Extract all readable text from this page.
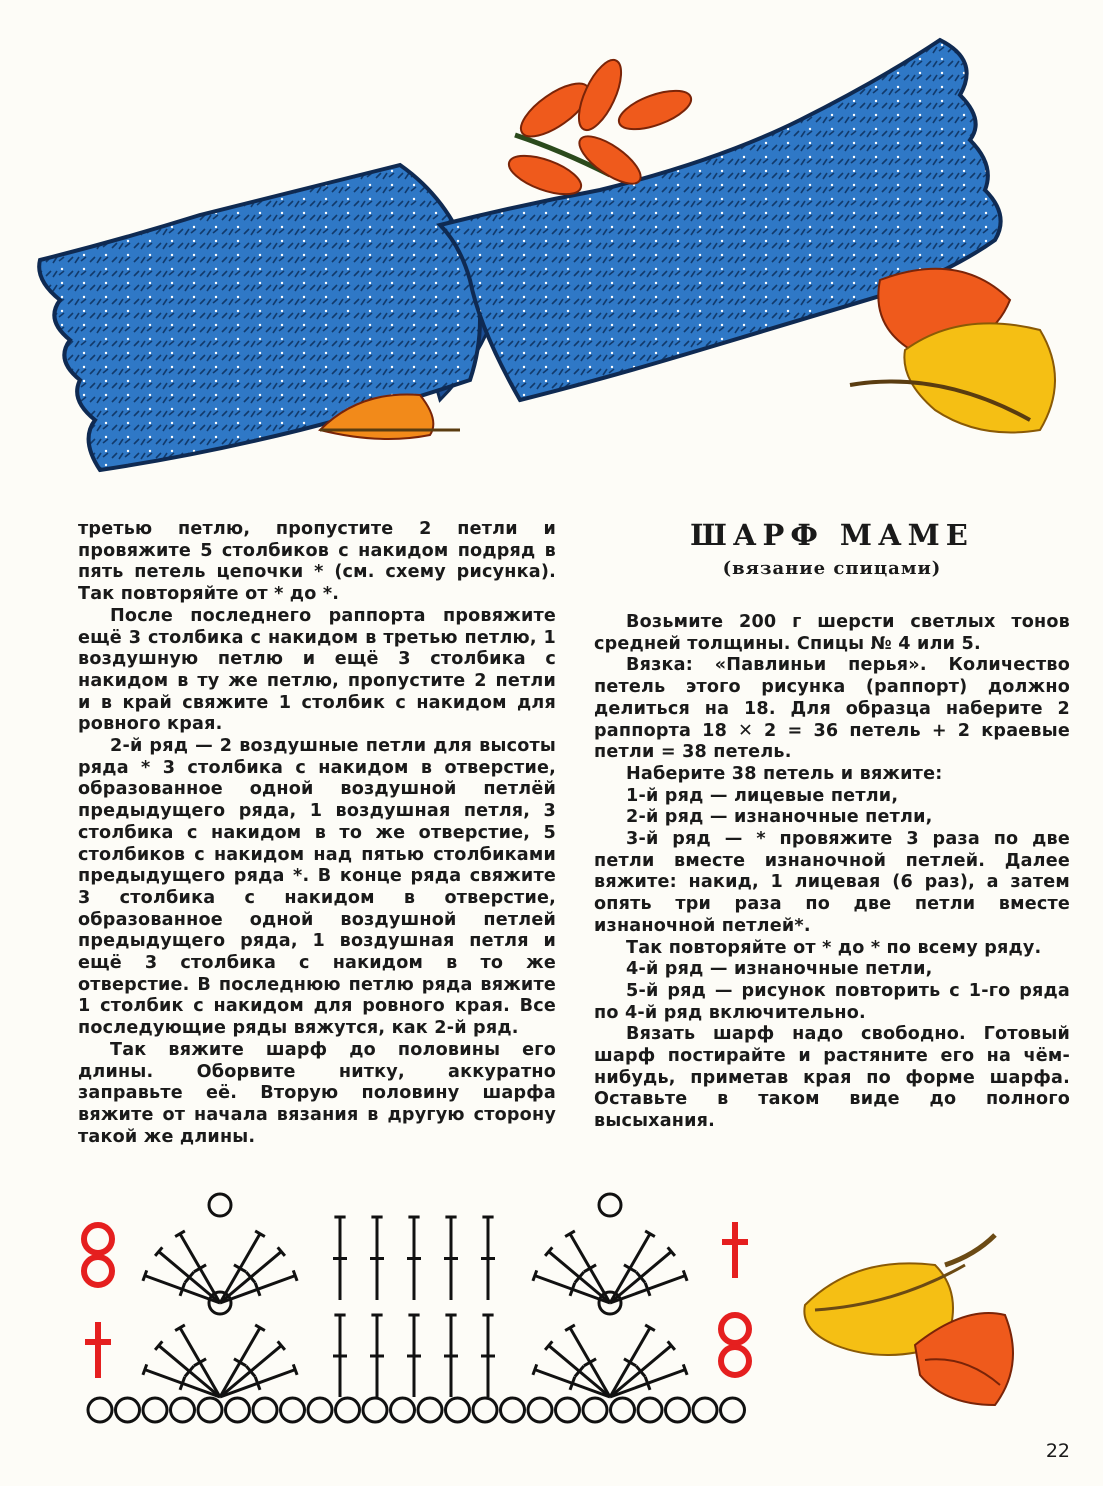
третью петлю, пропустите 2 петли и провяжите 5 столбиков с накидом подряд в пять петель цепочки * (см. схему рисунка). Так повторяйте от * до *.

После последнего раппорта провяжите ещё 3 столбика с накидом в третью петлю, 1 воздушную петлю и ещё 3 столбика с накидом в ту же петлю, пропустите 2 петли и в край свяжите 1 столбик с накидом для ровного края.

2-й ряд — 2 воздушные петли для высоты ряда * 3 столбика с накидом в отверстие, образованное одной воздушной петлёй предыдущего ряда, 1 воздушная петля, 3 столбика с накидом в то же отверстие, 5 столбиков с накидом над пятью столбиками предыдущего ряда *. В конце ряда свяжите 3 столбика с накидом в отверстие, образованное одной воздушной петлей предыдущего ряда, 1 воздушная петля и ещё 3 столбика с накидом в то же отверстие. В последнюю петлю ряда вяжите 1 столбик с накидом для ровного края. Все последующие ряды вяжутся, как 2-й ряд.

Так вяжите шарф до половины его длины. Оборвите нитку, аккуратно заправьте её. Вторую половину шарфа вяжите от начала вязания в другую сторону такой же длины.

ШАРФ МАМЕ
(вязание спицами)

Возьмите 200 г шерсти светлых тонов средней толщины. Спицы № 4 или 5.

Вязка: «Павлиньи перья». Количество петель этого рисунка (раппорт) должно делиться на 18. Для образца наберите 2 раппорта 18 ✕ 2 = 36 петель + 2 краевые петли = 38 петель.

Наберите 38 петель и вяжите:

1-й ряд — лицевые петли,

2-й ряд — изнаночные петли,

3-й ряд — * провяжите 3 раза по две петли вместе изнаночной петлей. Далее вяжите: накид, 1 лицевая (6 раз), а затем опять три раза по две петли вместе изнаночной петлей*.

Так повторяйте от * до * по всему ряду.

4-й ряд — изнаночные петли,

5-й ряд — рисунок повторить с 1-го ряда по 4-й ряд включительно.

Вязать шарф надо свободно. Готовый шарф постирайте и растяните его на чём-нибудь, приметав края по форме шарфа. Оставьте в таком виде до полного высыхания.

22
